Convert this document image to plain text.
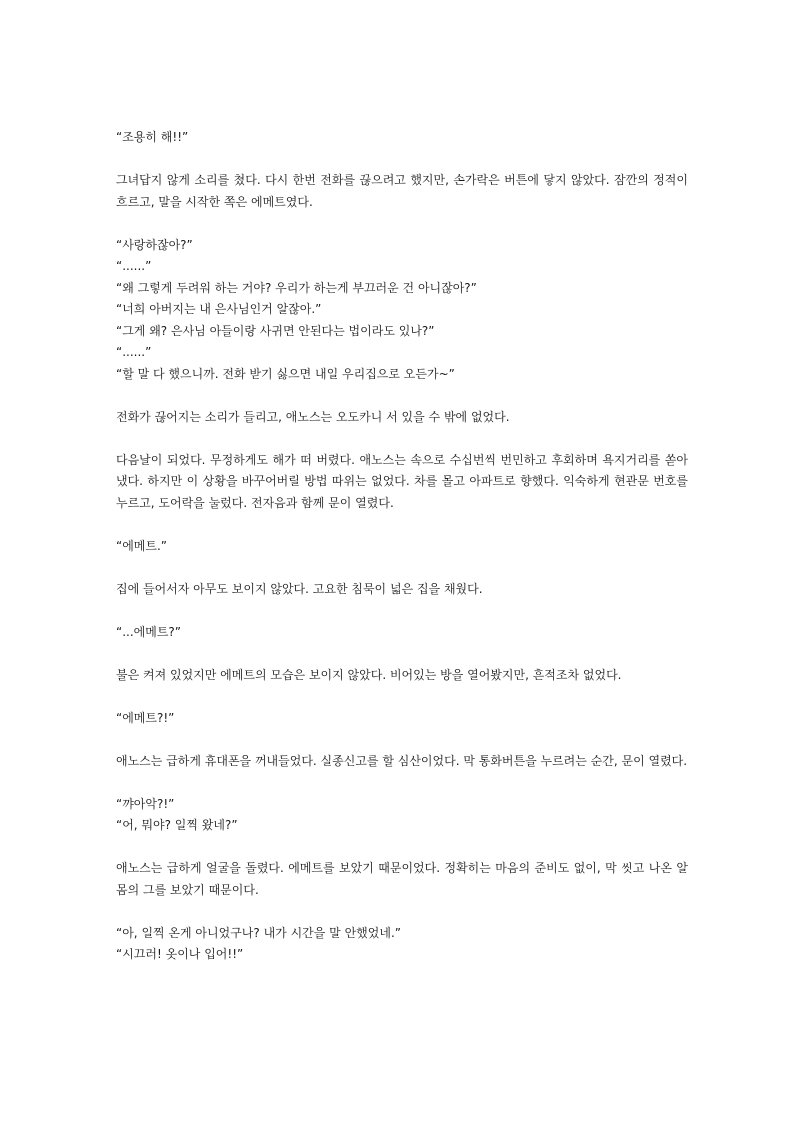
“조용히 해!!”

그녀답지 않게 소리를 쳤다. 다시 한번 전화를 끊으려고 했지만, 손가락은 버튼에 닿지 않았다. 잠깐의 정적이 흐르고, 말을 시작한 쪽은 에메트였다.

“사랑하잖아?”
“......”
“왜 그렇게 두려워 하는 거야? 우리가 하는게 부끄러운 건 아니잖아?”
“너희 아버지는 내 은사님인거 알잖아.”
“그게 왜? 은사님 아들이랑 사귀면 안된다는 법이라도 있나?”
“......”
“할 말 다 했으니까. 전화 받기 싫으면 내일 우리집으로 오든가~”

전화가 끊어지는 소리가 들리고, 애노스는 오도카니 서 있을 수 밖에 없었다.

다음날이 되었다. 무정하게도 해가 떠 버렸다. 애노스는 속으로 수십번씩 번민하고 후회하며 욕지거리를 쏟아냈다. 하지만 이 상황을 바꾸어버릴 방법 따위는 없었다. 차를 몰고 아파트로 향했다. 익숙하게 현관문 번호를 누르고, 도어락을 눌렀다. 전자음과 함께 문이 열렸다.

“에메트.”

집에 들어서자 아무도 보이지 않았다. 고요한 침묵이 넓은 집을 채웠다.

“...에메트?”

불은 켜져 있었지만 에메트의 모습은 보이지 않았다. 비어있는 방을 열어봤지만, 흔적조차 없었다.

“에메트?!”

애노스는 급하게 휴대폰을 꺼내들었다. 실종신고를 할 심산이었다. 막 통화버튼을 누르려는 순간, 문이 열렸다.

“꺄아악?!”
“어, 뭐야? 일찍 왔네?”

애노스는 급하게 얼굴을 돌렸다. 에메트를 보았기 때문이었다. 정확히는 마음의 준비도 없이, 막 씻고 나온 알몸의 그를 보았기 때문이다.

“아, 일찍 온게 아니었구나? 내가 시간을 말 안했었네.”
“시끄러! 옷이나 입어!!”
